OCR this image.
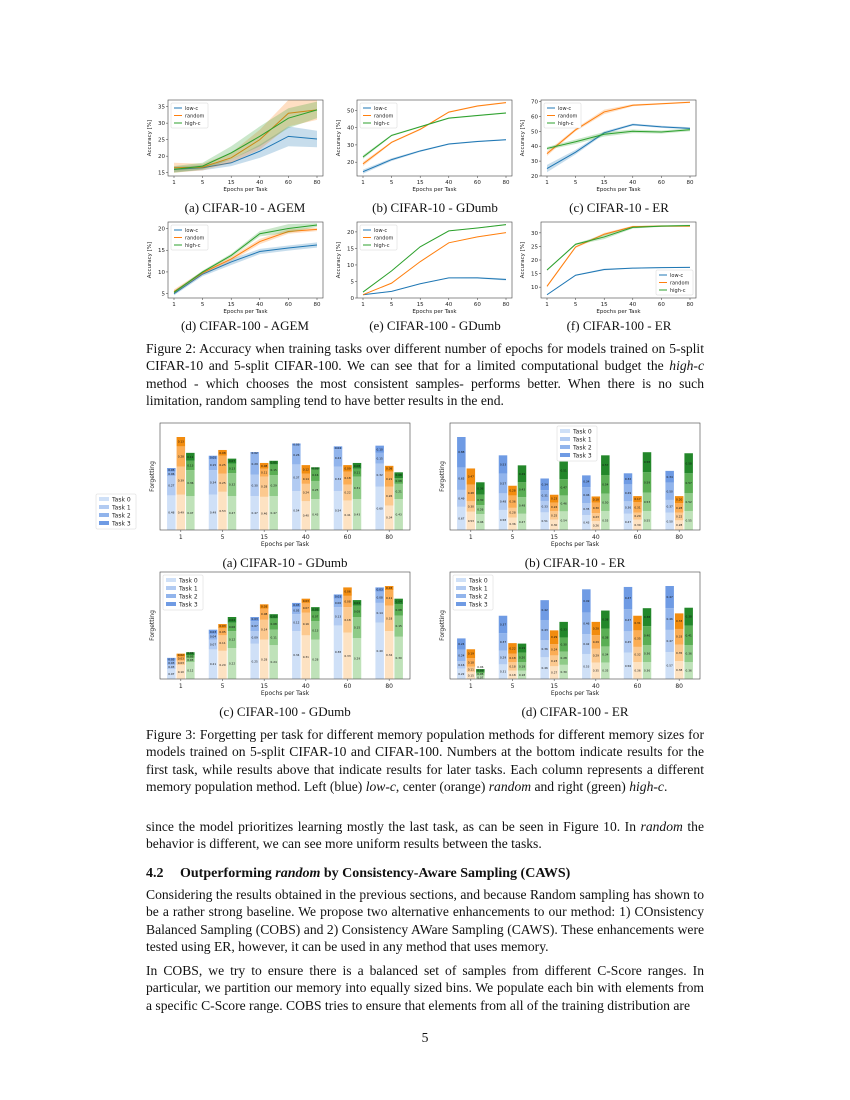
15
20
25
30
35
1	5	15	40	60	80
Epochs per Task
Accuracy [%]
low-c
random
high-c
20
30
40
50
1	5	15	40	60	80
Epochs per Task
Accuracy [%]
low-c
random
high-c
20
30
40
50
60
70
1	5	15	40	60	80
Epochs per Task
Accuracy [%]
low-c
random
high-c
(a) CIFAR-10 - AGEM	(b) CIFAR-10 - GDumb	(c) CIFAR-10 - ER
5
10
15
20
1	5	15	40	60	80
Epochs per Task
Accuracy [%]
low-c
random
high-c
0
5
10
15
20
1	5	15	40	60	80
Epochs per Task
Accuracy [%]
low-c
random
high-c
10
15
20
25
30
1	5	15	40	60	80
Epochs per Task
Accuracy [%]	low-c
random
high-c
(d) CIFAR-100 - AGEM	(e) CIFAR-100 - GDumb	(f) CIFAR-100 - ER
Figure 2: Accuracy when training tasks over different number of epochs for models trained on 5-split CIFAR-10 and 5-split CIFAR-100. We can see that for a limited computational budget the high-c method - which chooses the most consistent samples- performs better. When there is no such limitation, random sampling tend to have better results in the end.
0.48
0.27
0.06
0.05
0.49
0.39
0.28
0.13
0.47
0.36
0.13
0.11
1
0.49
0.34
0.15
0.05
0.53
0.25
0.25
0.08
0.47
0.32
0.13
0.07
5
0.47
0.30
0.29
0.02
0.46
0.28
0.11
0.08
0.47
0.29
0.15
0.05
15
0.54
0.37
0.26
0.03
0.40
0.24
0.14
0.12
0.43
0.25
0.16
0.03
40
0.54
0.34
0.24
0.04
0.41
0.22
0.18
0.09
0.43
0.31
0.11
0.08
60
0.60
0.32
0.15
0.10
0.34
0.26
0.21
0.08
0.43
0.21
0.08
0.08
80
Epochs per Task
Forgetting
Task 0
Task 1
Task 2
Task 3
0.67
0.49
0.65
0.88
0.53
0.30
0.48
0.47
0.46
0.26
0.30
0.36
1
0.58
0.48
0.57
0.53
0.36
0.28
0.36
0.28
0.47
0.48
0.43
0.49
5
0.51
0.33
0.31
0.34
0.30
0.25
0.24
0.23
0.54
0.46
0.47
0.51
15
0.43
0.35
0.46
0.34
0.26
0.23
0.30
0.18
0.55
0.50
0.54
0.57
40
0.47
0.36
0.49
0.32
0.30
0.20
0.31
0.17
0.55
0.53
0.59
0.58
60
0.50
0.37
0.50
0.34
0.28
0.22
0.28
0.20
0.55
0.52
0.57
0.58
80
Epochs per Task
Forgetting
Task 0
Task 1
Task 2
Task 3
(a) CIFAR-10 - GDumb	(b) CIFAR-10 - ER
0.07
0.03
0.03
0.02
0.10
0.03
0.03
0.02
0.12
0.03
0.02
0.02
1
0.21
0.07
0.04
0.03
0.20
0.11
0.05
0.03
0.22
0.12
0.06
0.04
5
0.25
0.09
0.07
0.03
0.28
0.14
0.08
0.03
0.24
0.11
0.08
0.03
15
0.34
0.12
0.05
0.03
0.31
0.16
0.07
0.03
0.28
0.13
0.07
0.03
40
0.38
0.13
0.06
0.03
0.33
0.18
0.08
0.06
0.29
0.15
0.08
0.04
60
0.40
0.14
0.08
0.03
0.34
0.18
0.11
0.03
0.30
0.15
0.08
0.04
80
Epochs per Task
Forgetting
Task 0
Task 1
Task 2
Task 3
0.22
0.16
0.24
0.24
0.15
0.11
0.18
0.19
0.07
0.05
0.03
0.06
1
0.31
0.29
0.37
0.37
0.18
0.18
0.18
0.22
0.18
0.18
0.20
0.19
5
0.46
0.36
0.43
0.42
0.27
0.23
0.24
0.29
0.30
0.28
0.30
0.33
15
0.53
0.42
0.46
0.49
0.35
0.29
0.29
0.28
0.35
0.34
0.38
0.38
40
0.56
0.45
0.47
0.47
0.36
0.32
0.35
0.31
0.36
0.36
0.40
0.38
60
0.57
0.47
0.46
0.47
0.38
0.35
0.33
0.33
0.36
0.36
0.41
0.38
80
Epochs per Task
Forgetting
Task 0
Task 1
Task 2
Task 3
(c) CIFAR-100 - GDumb	(d) CIFAR-100 - ER
Figure 3: Forgetting per task for different memory population methods for different memory sizes for models trained on 5-split CIFAR-10 and CIFAR-100. Numbers at the bottom indicate results for the first task, while results above that indicate results for later tasks. Each column represents a different memory population method. Left (blue) low-c, center (orange) random and right (green) high-c.
since the model prioritizes learning mostly the last task, as can be seen in Figure 10. In random the behavior is different, we can see more uniform results between the tasks.
4.2 Outperforming random by Consistency-Aware Sampling (CAWS)
Considering the results obtained in the previous sections, and because Random sampling has shown to be a rather strong baseline. We propose two alternative enhancements to our method: 1) COnsistency Balanced Sampling (COBS) and 2) Consistency AWare Sampling (CAWS). These enhancements were tested using ER, however, it can be used in any method that uses memory.
In COBS, we try to ensure there is a balanced set of samples from different C-Score ranges. In particular, we partition our memory into equally sized bins. We populate each bin with elements from a specific C-Score range. COBS tries to ensure that elements from all of the training distribution are
5
